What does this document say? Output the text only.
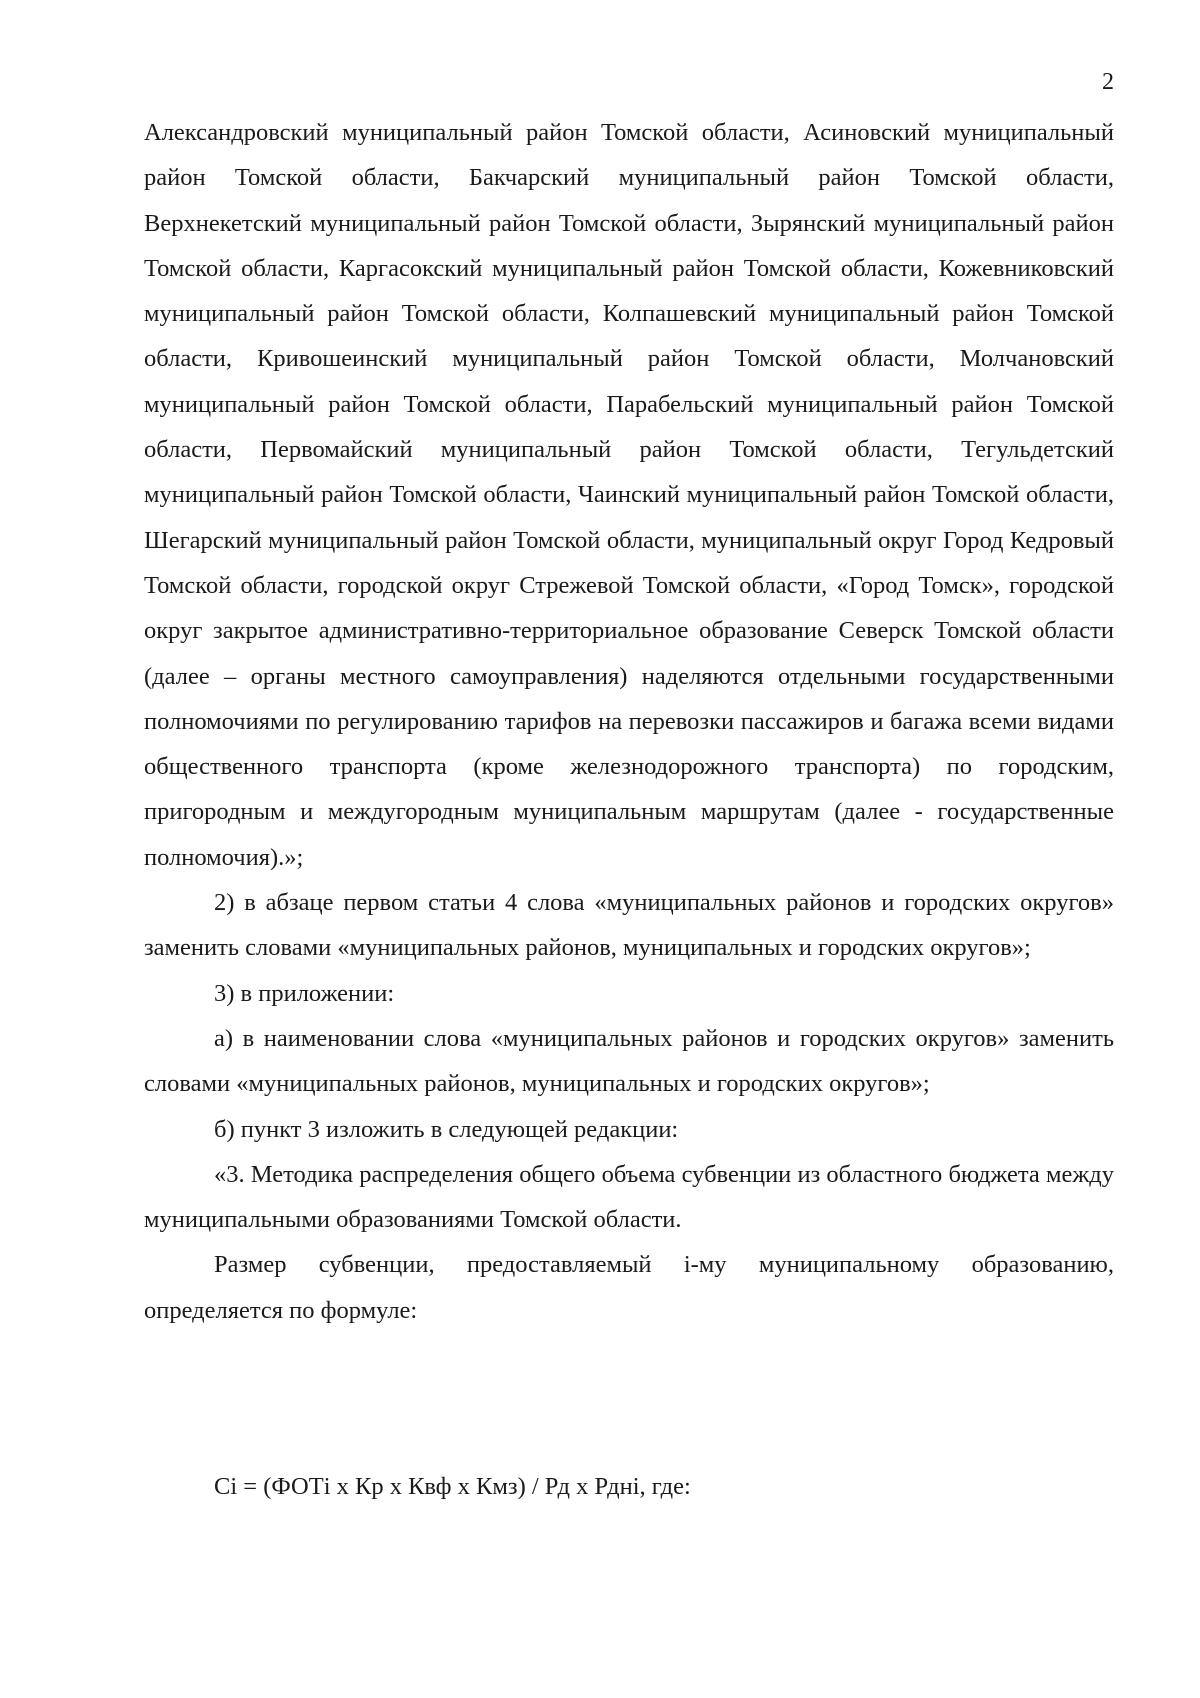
2

Александровский муниципальный район Томской области, Асиновский муниципальный район Томской области, Бакчарский муниципальный район Томской области, Верхнекетский муниципальный район Томской области, Зырянский муниципальный район Томской области, Каргасокский муниципальный район Томской области, Кожевниковский муниципальный район Томской области, Колпашевский муниципальный район Томской области, Кривошеинский муниципальный район Томской области, Молчановский муниципальный район Томской области, Парабельский муниципальный район Томской области, Первомайский муниципальный район Томской области, Тегульдетский муниципальный район Томской области, Чаинский муниципальный район Томской области, Шегарский муниципальный район Томской области, муниципальный округ Город Кедровый Томской области, городской округ Стрежевой Томской области, «Город Томск», городской округ закрытое административно-территориальное образование Северск Томской области (далее – органы местного самоуправления) наделяются отдельными государственными полномочиями по регулированию тарифов на перевозки пассажиров и багажа всеми видами общественного транспорта (кроме железнодорожного транспорта) по городским, пригородным и междугородным муниципальным маршрутам (далее - государственные полномочия).»;

2) в абзаце первом статьи 4 слова «муниципальных районов и городских округов» заменить словами «муниципальных районов, муниципальных и городских округов»;

3) в приложении:

а) в наименовании слова «муниципальных районов и городских округов» заменить словами «муниципальных районов, муниципальных и городских округов»;

б) пункт 3 изложить в следующей редакции:

«3. Методика распределения общего объема субвенции из областного бюджета между муниципальными образованиями Томской области.

Размер субвенции, предоставляемый i-му муниципальному образованию, определяется по формуле:

Ci = (ФОТi x Кр x Квф x Кмз) / Рд x Рдні, где:
